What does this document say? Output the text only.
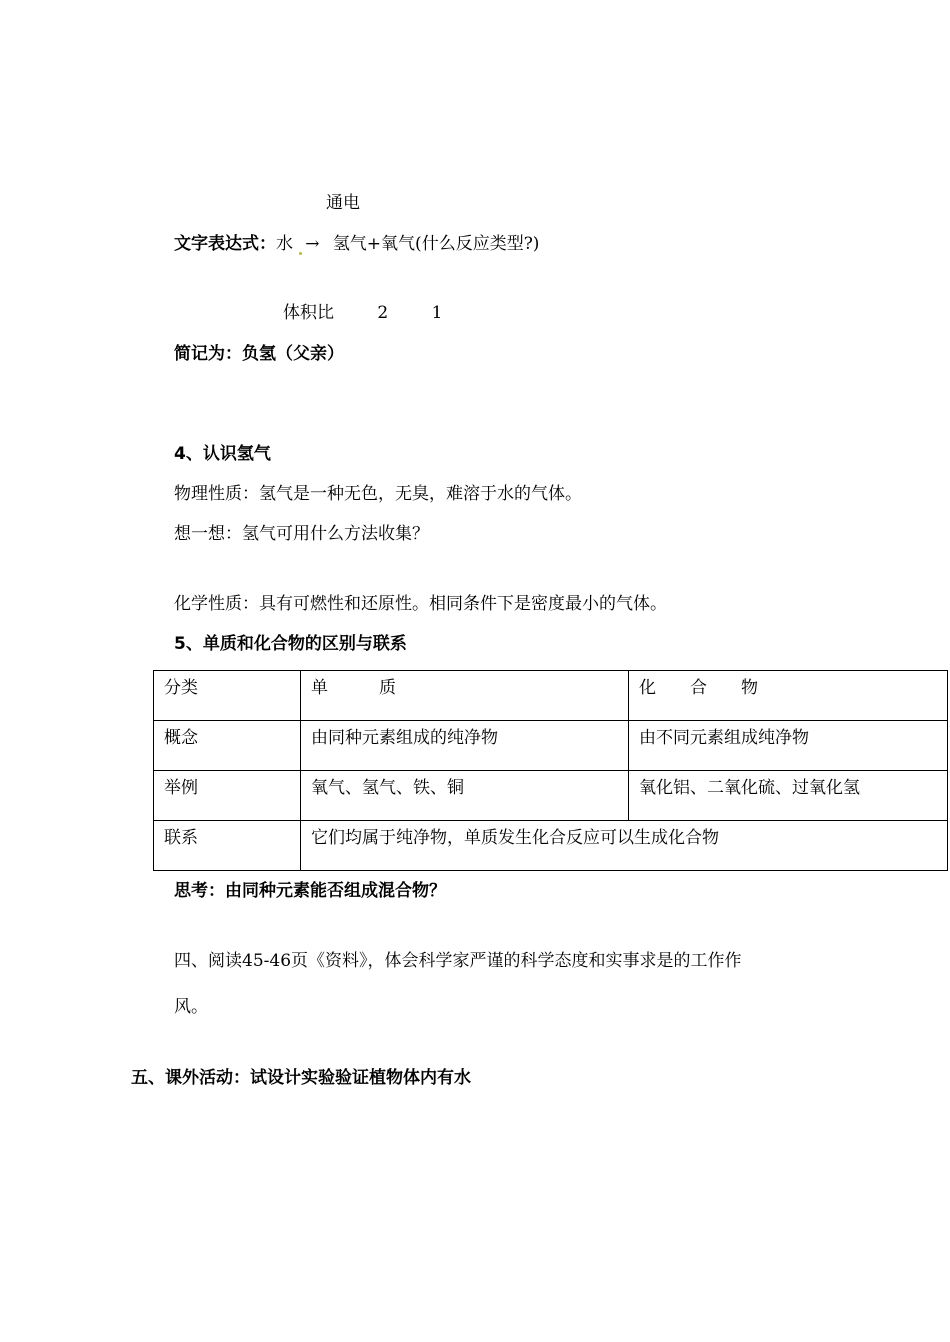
通电
文字表达式：水 → 氢气+氧气(什么反应类型?)
体积比	2	1
简记为：负氢（父亲）
4、认识氢气
物理性质：氢气是一种无色，无臭，难溶于水的气体。
想一想：氢气可用什么方法收集？
化学性质：具有可燃性和还原性。相同条件下是密度最小的气体。
5、单质和化合物的区别与联系
分类	单　　　质	化　　合　　物
概念	由同种元素组成的纯净物	由不同元素组成纯净物
举例	氧气、氢气、铁、铜	氧化铝、二氧化硫、过氧化氢
联系	它们均属于纯净物，单质发生化合反应可以生成化合物	
思考：由同种元素能否组成混合物？
四、阅读45-46页《资料》，体会科学家严谨的科学态度和实事求是的工作作
风。
五、课外活动：试设计实验验证植物体内有水
